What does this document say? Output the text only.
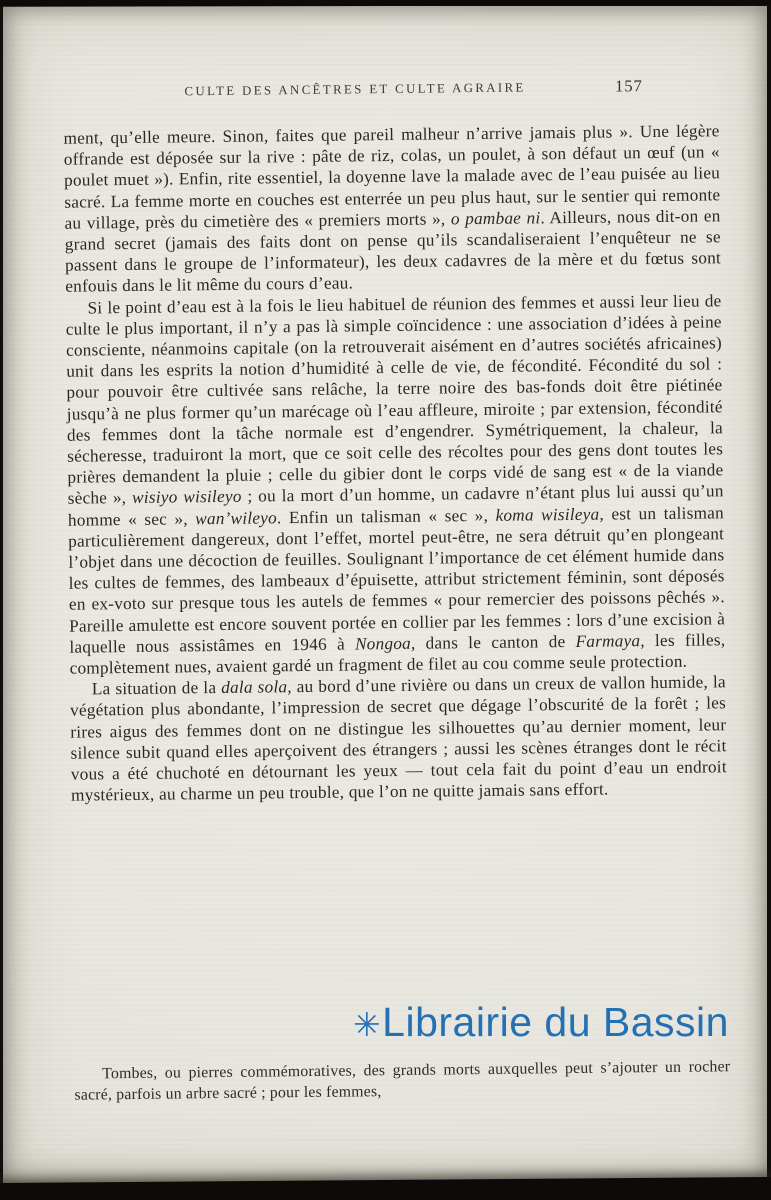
CULTE DES ANCÊTRES ET CULTE AGRAIRE	157

ment, qu’elle meure. Sinon, faites que pareil malheur n’arrive jamais plus ». Une légère offrande est déposée sur la rive : pâte de riz, colas, un poulet, à son défaut un œuf (un « poulet muet »). Enfin, rite essentiel, la doyenne lave la malade avec de l’eau puisée au lieu sacré. La femme morte en couches est enterrée un peu plus haut, sur le sentier qui remonte au village, près du cimetière des « premiers morts », o pambae ni. Ailleurs, nous dit-on en grand secret (jamais des faits dont on pense qu’ils scandaliseraient l’enquêteur ne se passent dans le groupe de l’informateur), les deux cadavres de la mère et du fœtus sont enfouis dans le lit même du cours d’eau.

Si le point d’eau est à la fois le lieu habituel de réunion des femmes et aussi leur lieu de culte le plus important, il n’y a pas là simple coïncidence : une association d’idées à peine consciente, néanmoins capitale (on la retrouverait aisément en d’autres sociétés africaines) unit dans les esprits la notion d’humidité à celle de vie, de fécondité. Fécondité du sol : pour pouvoir être cultivée sans relâche, la terre noire des bas-fonds doit être piétinée jusqu’à ne plus former qu’un marécage où l’eau affleure, miroite ; par extension, fécondité des femmes dont la tâche normale est d’engendrer. Symétriquement, la chaleur, la sécheresse, traduiront la mort, que ce soit celle des récoltes pour des gens dont toutes les prières demandent la pluie ; celle du gibier dont le corps vidé de sang est « de la viande sèche », wisiyo wisileyo ; ou la mort d’un homme, un cadavre n’étant plus lui aussi qu’un homme « sec », wan’wileyo. Enfin un talisman « sec », koma wisileya, est un talisman particulièrement dangereux, dont l’effet, mortel peut-être, ne sera détruit qu’en plongeant l’objet dans une décoction de feuilles. Soulignant l’importance de cet élément humide dans les cultes de femmes, des lambeaux d’épuisette, attribut strictement féminin, sont déposés en ex-voto sur presque tous les autels de femmes « pour remercier des poissons pêchés ». Pareille amulette est encore souvent portée en collier par les femmes : lors d’une excision à laquelle nous assistâmes en 1946 à Nongoa, dans le canton de Farmaya, les filles, complètement nues, avaient gardé un fragment de filet au cou comme seule protection.

La situation de la dala sola, au bord d’une rivière ou dans un creux de vallon humide, la végétation plus abondante, l’impression de secret que dégage l’obscurité de la forêt ; les rires aigus des femmes dont on ne distingue les silhouettes qu’au dernier moment, leur silence subit quand elles aperçoivent des étrangers ; aussi les scènes étranges dont le récit vous a été chuchoté en détournant les yeux — tout cela fait du point d’eau un endroit mystérieux, au charme un peu trouble, que l’on ne quitte jamais sans effort.

Tombes, ou pierres commémoratives, des grands morts auxquelles peut s’ajouter un rocher sacré, parfois un arbre sacré ; pour les femmes,

✳Librairie du Bassin
